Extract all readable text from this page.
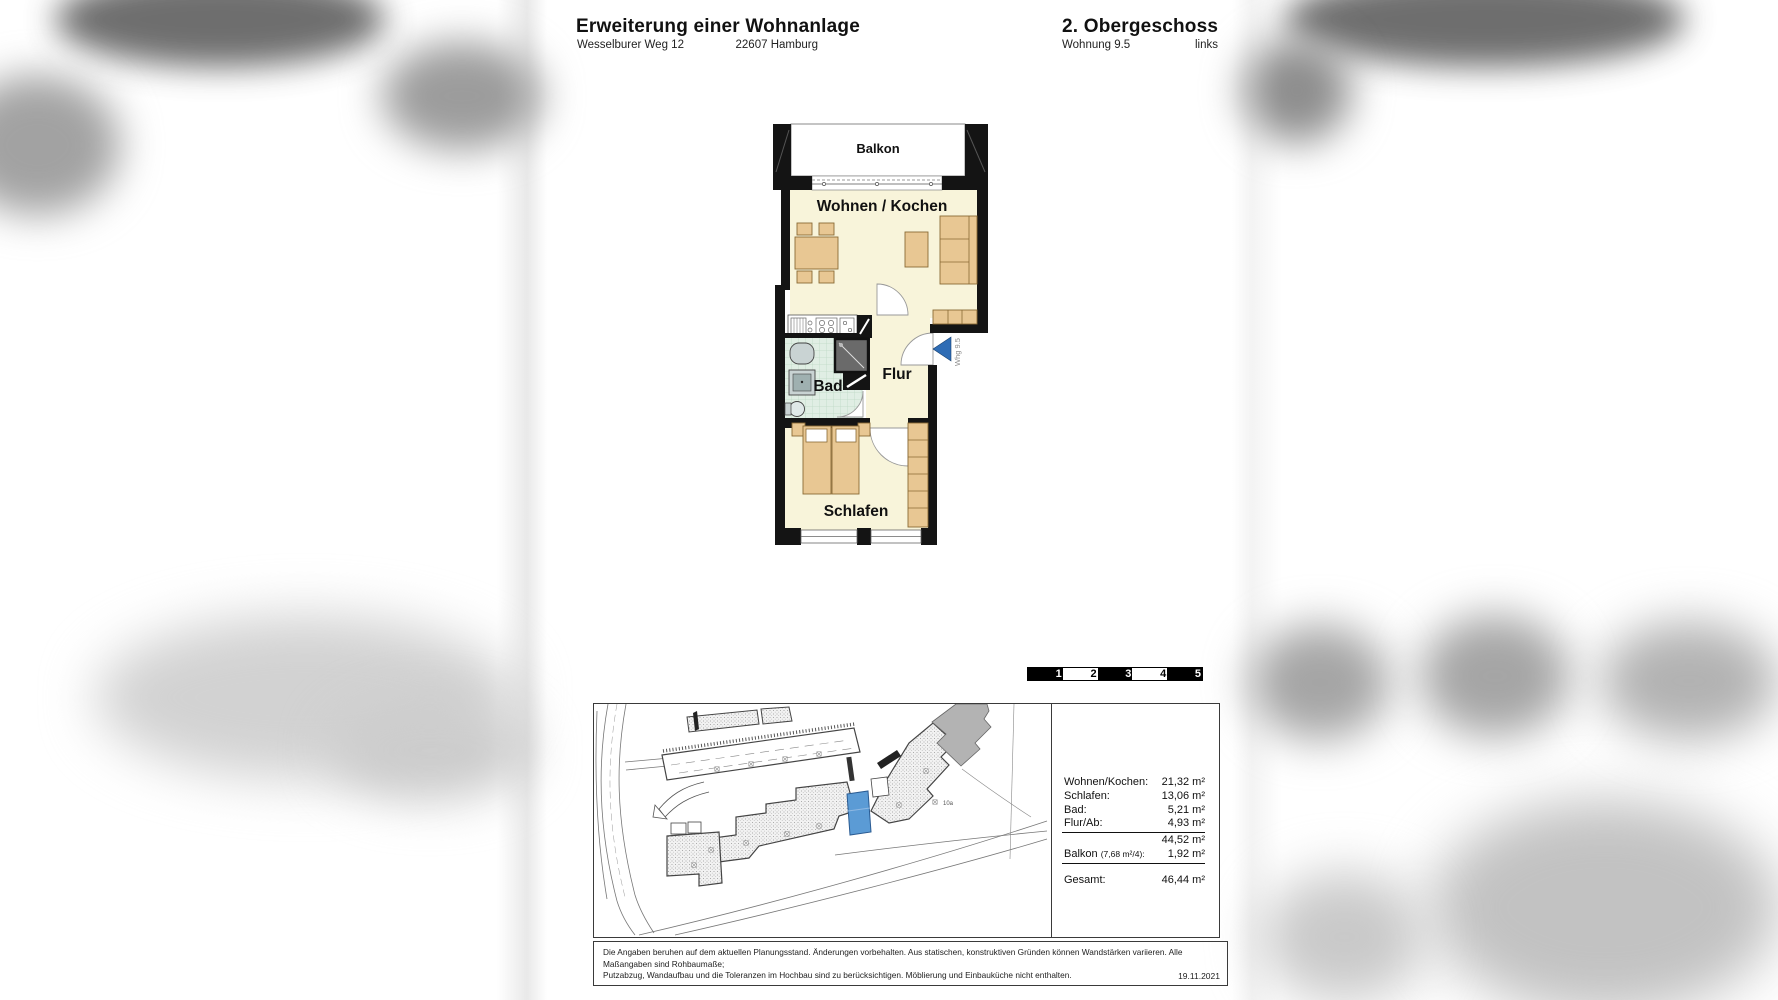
Erweiterung einer Wohnanlage
Wesselburer Weg 12	22607 Hamburg
2. Obergeschoss
Wohnung 9.5	links
Balkon
Wohnen / Kochen
Bad
Flur
Schlafen
Whg 9.5
1	2	3	4	5
10a
Wohnen/Kochen: 21,32 m²
Schlafen:	13,06 m²
Bad:	5,21 m²
Flur/Ab:	4,93 m²
44,52 m²
Balkon (7,68 m²/4): 1,92 m²
Gesamt:	46,44 m²
Die Angaben beruhen auf dem aktuellen Planungsstand. Änderungen vorbehalten. Aus statischen, konstruktiven Gründen können Wandstärken variieren. Alle Maßangaben sind Rohbaumaße;
Putzabzug, Wandaufbau und die Toleranzen im Hochbau sind zu berücksichtigen. Möblierung und Einbauküche nicht enthalten.	19.11.2021
